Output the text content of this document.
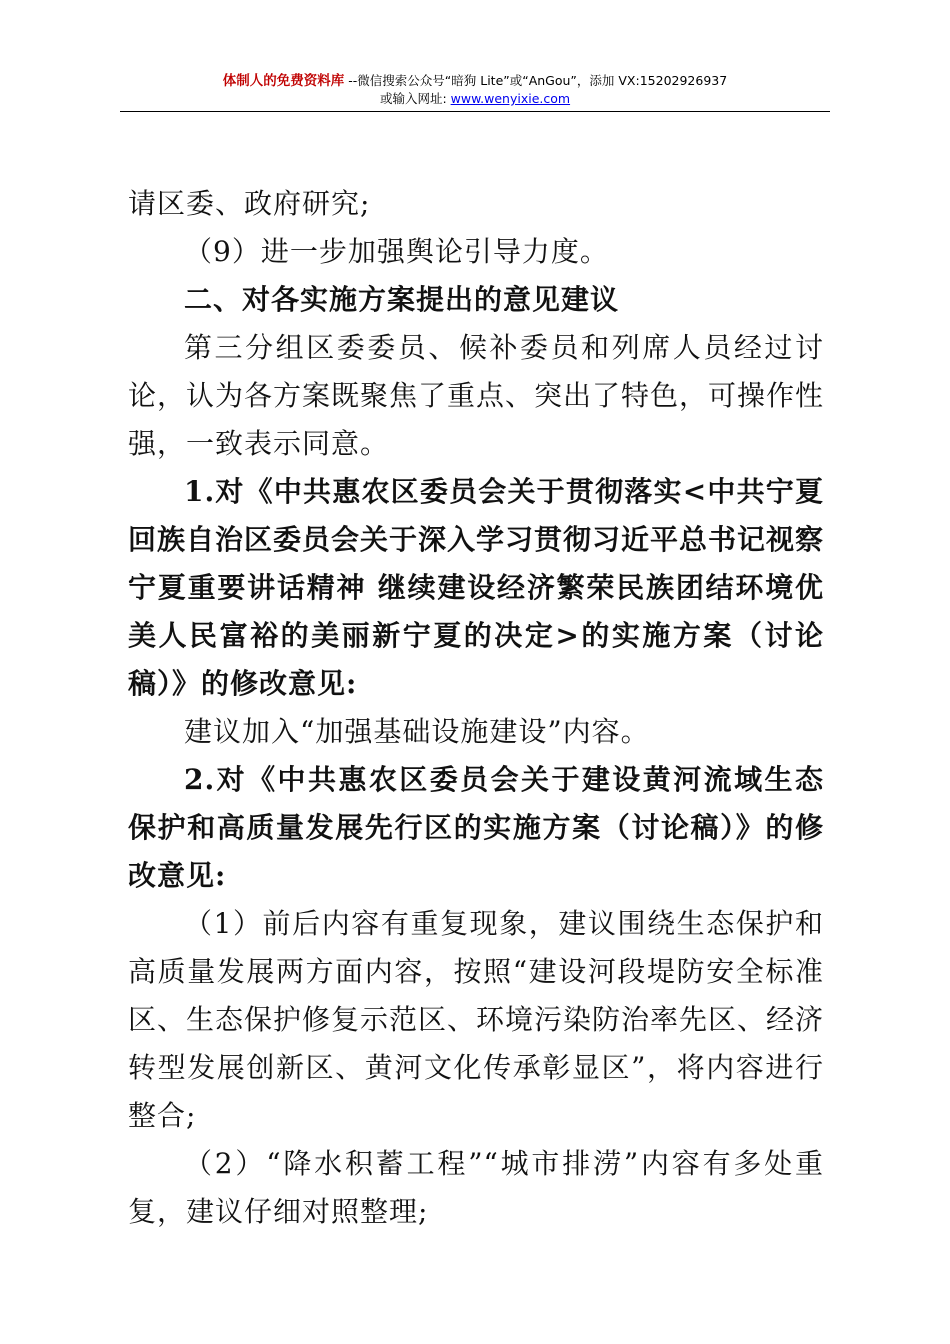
体制人的免费资料库 --微信搜索公众号“暗狗 Lite”或“AnGou”，添加 VX:15202926937
或输入网址: www.wenyixie.com

请区委、政府研究;

（9）进一步加强舆论引导力度。

二、对各实施方案提出的意见建议

第三分组区委委员、候补委员和列席人员经过讨论，认为各方案既聚焦了重点、突出了特色，可操作性强，一致表示同意。

1.对《中共惠农区委员会关于贯彻落实<中共宁夏回族自治区委员会关于深入学习贯彻习近平总书记视察宁夏重要讲话精神 继续建设经济繁荣民族团结环境优美人民富裕的美丽新宁夏的决定>的实施方案（讨论稿）》的修改意见:

建议加入“加强基础设施建设”内容。

2.对《中共惠农区委员会关于建设黄河流域生态保护和高质量发展先行区的实施方案（讨论稿）》的修改意见:

（1）前后内容有重复现象，建议围绕生态保护和高质量发展两方面内容，按照“建设河段堤防安全标准区、生态保护修复示范区、环境污染防治率先区、经济转型发展创新区、黄河文化传承彰显区”，将内容进行整合;

（2）“降水积蓄工程”“城市排涝”内容有多处重复，建议仔细对照整理;
